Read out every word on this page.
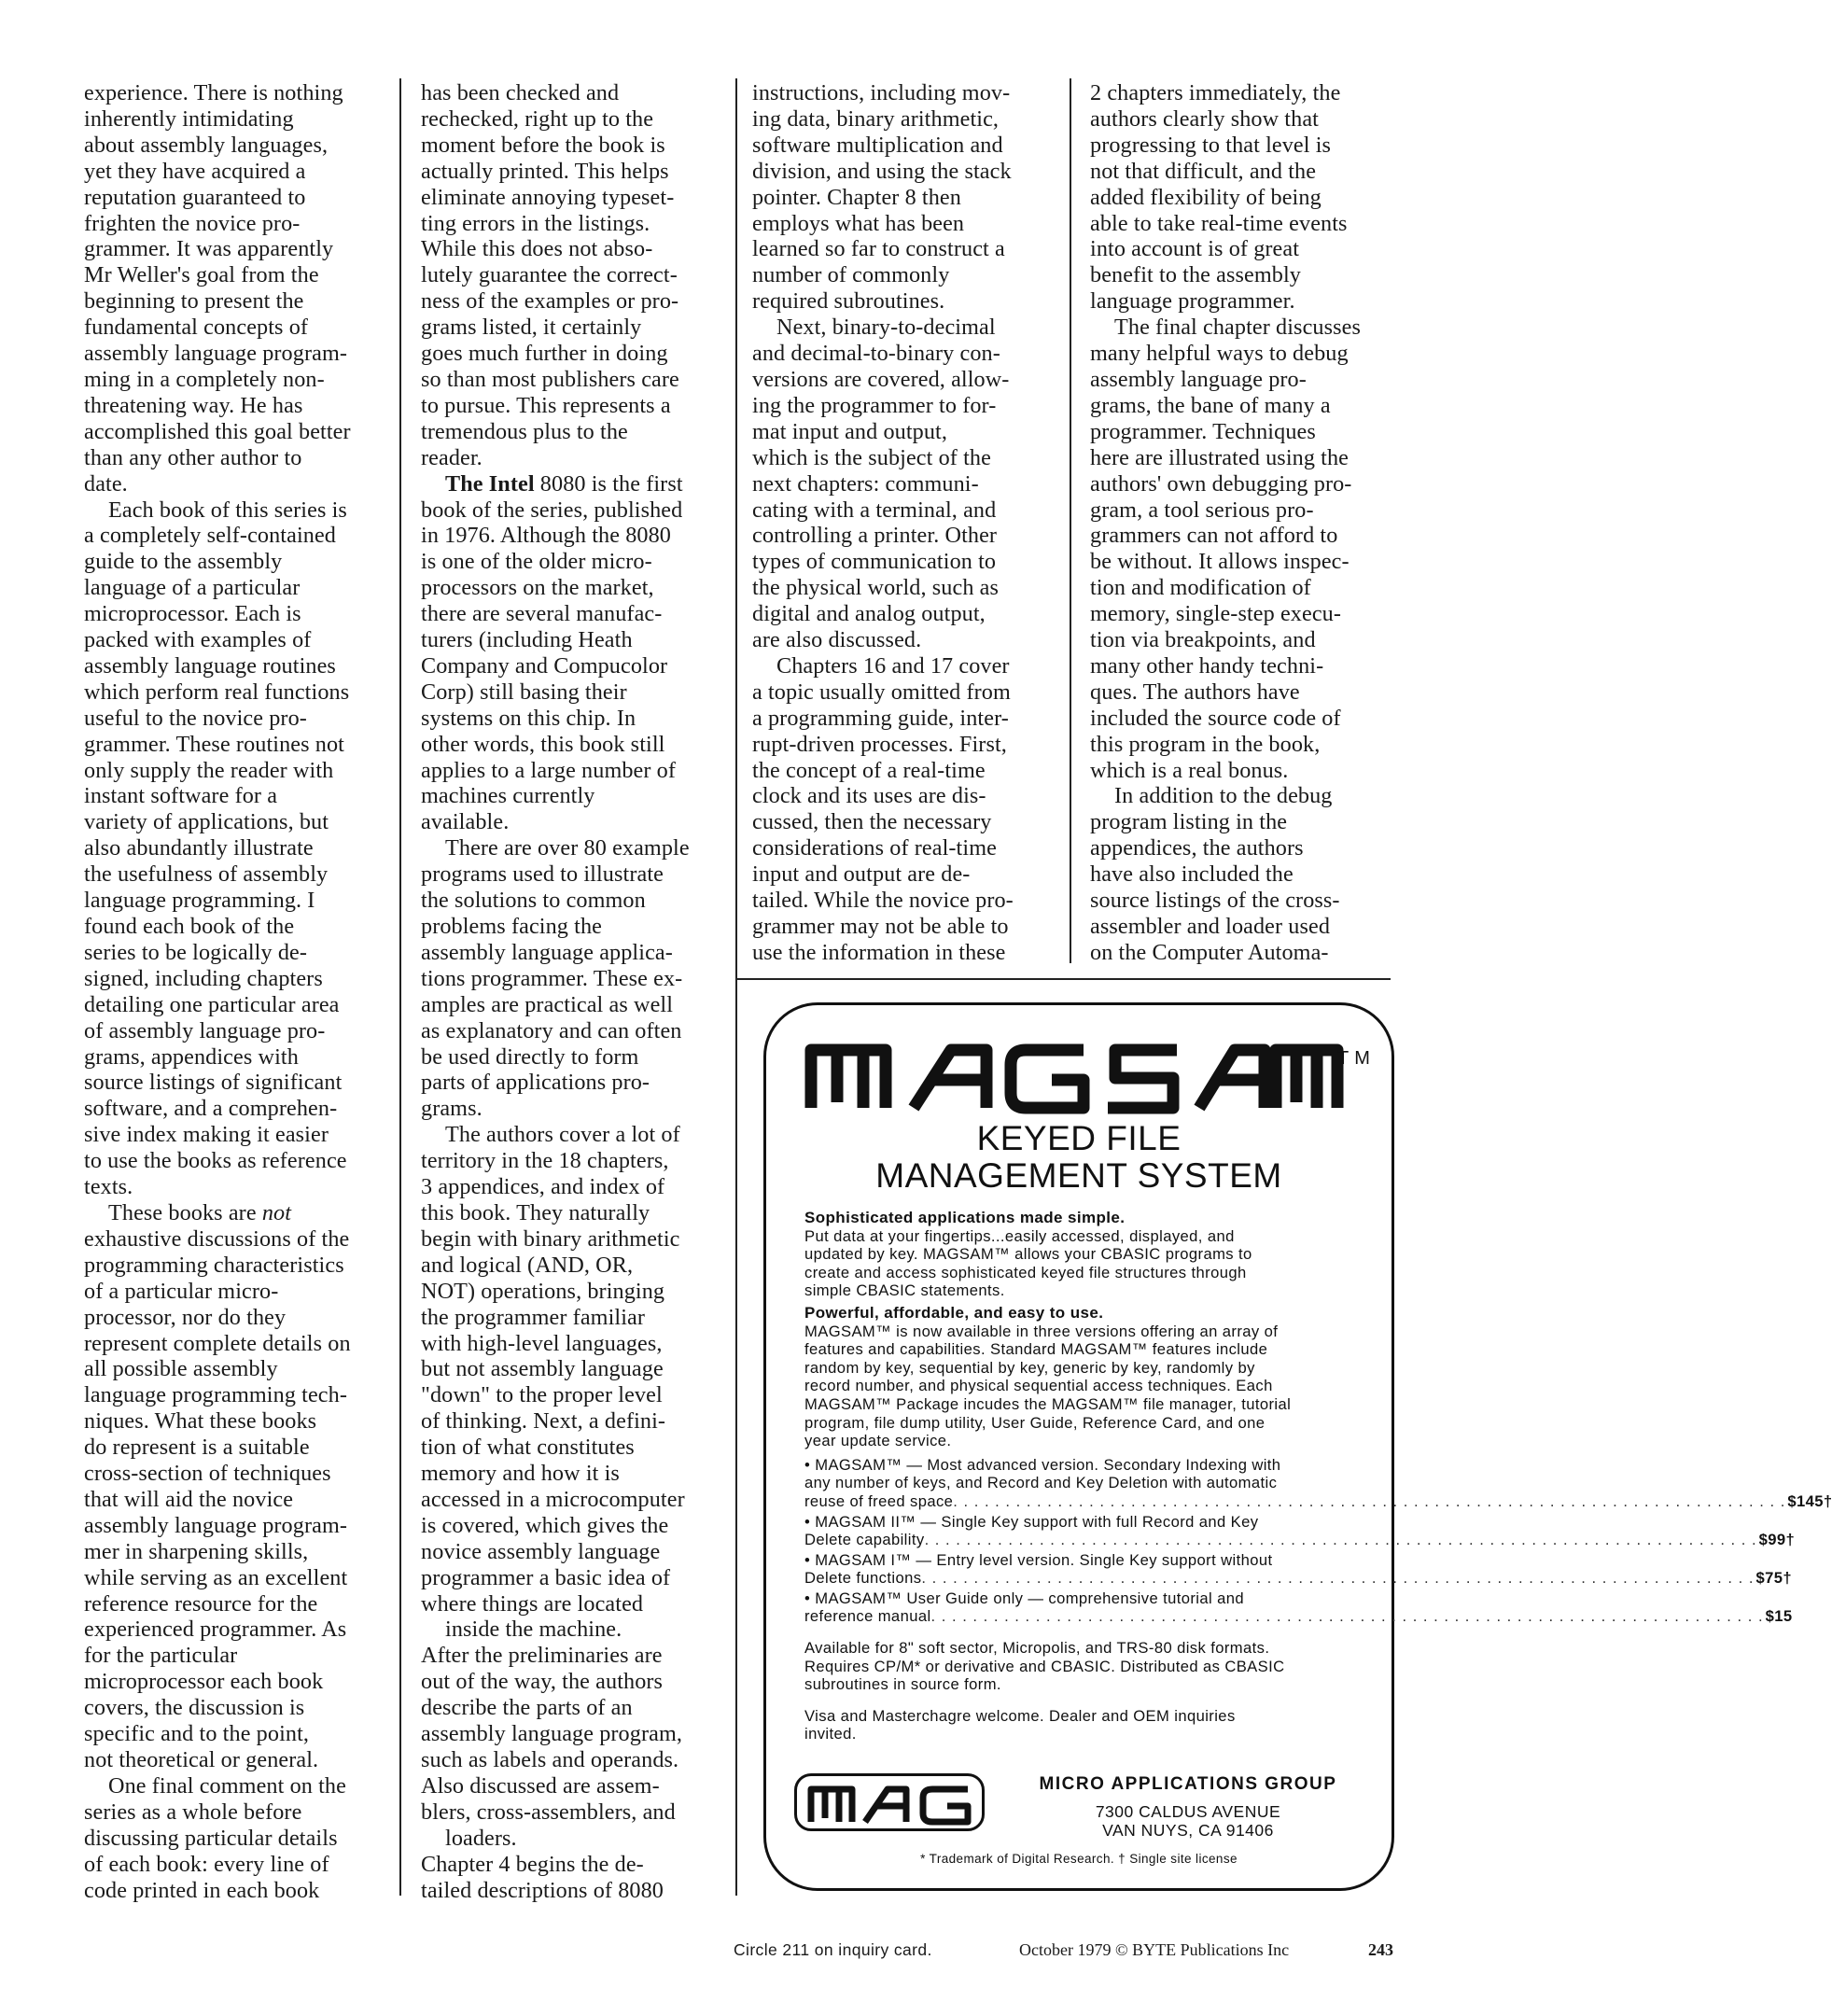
experience. There is nothing
inherently intimidating
about assembly languages,
yet they have acquired a
reputation guaranteed to
frighten the novice pro-
grammer. It was apparently
Mr Weller's goal from the
beginning to present the
fundamental concepts of
assembly language program-
ming in a completely non-
threatening way. He has
accomplished this goal better
than any other author to
date.
Each book of this series is
a completely self-contained
guide to the assembly
language of a particular
microprocessor. Each is
packed with examples of
assembly language routines
which perform real functions
useful to the novice pro-
grammer. These routines not
only supply the reader with
instant software for a
variety of applications, but
also abundantly illustrate
the usefulness of assembly
language programming. I
found each book of the
series to be logically de-
signed, including chapters
detailing one particular area
of assembly language pro-
grams, appendices with
source listings of significant
software, and a comprehen-
sive index making it easier
to use the books as reference
texts.
These books are not
exhaustive discussions of the
programming characteristics
of a particular micro-
processor, nor do they
represent complete details on
all possible assembly
language programming tech-
niques. What these books
do represent is a suitable
cross-section of techniques
that will aid the novice
assembly language program-
mer in sharpening skills,
while serving as an excellent
reference resource for the
experienced programmer. As
for the particular
microprocessor each book
covers, the discussion is
specific and to the point,
not theoretical or general.
One final comment on the
series as a whole before
discussing particular details
of each book: every line of
code printed in each book
has been checked and
rechecked, right up to the
moment before the book is
actually printed. This helps
eliminate annoying typeset-
ting errors in the listings.
While this does not abso-
lutely guarantee the correct-
ness of the examples or pro-
grams listed, it certainly
goes much further in doing
so than most publishers care
to pursue. This represents a
tremendous plus to the
reader.
The Intel 8080 is the first
book of the series, published
in 1976. Although the 8080
is one of the older micro-
processors on the market,
there are several manufac-
turers (including Heath
Company and Compucolor
Corp) still basing their
systems on this chip. In
other words, this book still
applies to a large number of
machines currently
available.
There are over 80 example
programs used to illustrate
the solutions to common
problems facing the
assembly language applica-
tions programmer. These ex-
amples are practical as well
as explanatory and can often
be used directly to form
parts of applications pro-
grams.
The authors cover a lot of
territory in the 18 chapters,
3 appendices, and index of
this book. They naturally
begin with binary arithmetic
and logical (AND, OR,
NOT) operations, bringing
the programmer familiar
with high-level languages,
but not assembly language
"down" to the proper level
of thinking. Next, a defini-
tion of what constitutes
memory and how it is
accessed in a microcomputer
is covered, which gives the
novice assembly language
programmer a basic idea of
where things are located
inside the machine.
After the preliminaries are
out of the way, the authors
describe the parts of an
assembly language program,
such as labels and operands.
Also discussed are assem-
blers, cross-assemblers, and
loaders.
Chapter 4 begins the de-
tailed descriptions of 8080
instructions, including mov-
ing data, binary arithmetic,
software multiplication and
division, and using the stack
pointer. Chapter 8 then
employs what has been
learned so far to construct a
number of commonly
required subroutines.
Next, binary-to-decimal
and decimal-to-binary con-
versions are covered, allow-
ing the programmer to for-
mat input and output,
which is the subject of the
next chapters: communi-
cating with a terminal, and
controlling a printer. Other
types of communication to
the physical world, such as
digital and analog output,
are also discussed.
Chapters 16 and 17 cover
a topic usually omitted from
a programming guide, inter-
rupt-driven processes. First,
the concept of a real-time
clock and its uses are dis-
cussed, then the necessary
considerations of real-time
input and output are de-
tailed. While the novice pro-
grammer may not be able to
use the information in these
2 chapters immediately, the
authors clearly show that
progressing to that level is
not that difficult, and the
added flexibility of being
able to take real-time events
into account is of great
benefit to the assembly
language programmer.
The final chapter discusses
many helpful ways to debug
assembly language pro-
grams, the bane of many a
programmer. Techniques
here are illustrated using the
authors' own debugging pro-
gram, a tool serious pro-
grammers can not afford to
be without. It allows inspec-
tion and modification of
memory, single-step execu-
tion via breakpoints, and
many other handy techni-
ques. The authors have
included the source code of
this program in the book,
which is a real bonus.
In addition to the debug
program listing in the
appendices, the authors
have also included the
source listings of the cross-
assembler and loader used
on the Computer Automa-
TM
KEYED FILE
MANAGEMENT SYSTEM
Sophisticated applications made simple.
Put data at your fingertips...easily accessed, displayed, and
updated by key. MAGSAM™ allows your CBASIC programs to
create and access sophisticated keyed file structures through
simple CBASIC statements.
Powerful, affordable, and easy to use.
MAGSAM™ is now available in three versions offering an array of
features and capabilities. Standard MAGSAM™ features include
random by key, sequential by key, generic by key, randomly by
record number, and physical sequential access techniques. Each
MAGSAM™ Package incudes the MAGSAM™ file manager, tutorial
program, file dump utility, User Guide, Reference Card, and one
year update service.
• MAGSAM™ — Most advanced version. Secondary Indexing with
any number of keys, and Record and Key Deletion with automatic
reuse of freed space . . . . . . . . . . . . . . . . . . . . . . . . . . . . . . . . . . . . . . . . . . . . . . . . . . . . . . . . . . . . . . . . . . . . . . . . . . . . . . . . $145†
• MAGSAM II™ — Single Key support with full Record and Key
Delete capability . . . . . . . . . . . . . . . . . . . . . . . . . . . . . . . . . . . . . . . . . . . . . . . . . . . . . . . . . . . . . . . . . . . . . . . . . . . . . . . . $99†
• MAGSAM I™ — Entry level version. Single Key support without
Delete functions . . . . . . . . . . . . . . . . . . . . . . . . . . . . . . . . . . . . . . . . . . . . . . . . . . . . . . . . . . . . . . . . . . . . . . . . . . . . . . . . $75†
• MAGSAM™ User Guide only — comprehensive tutorial and
reference manual . . . . . . . . . . . . . . . . . . . . . . . . . . . . . . . . . . . . . . . . . . . . . . . . . . . . . . . . . . . . . . . . . . . . . . . . . . . . . . . . $15
Available for 8" soft sector, Micropolis, and TRS-80 disk formats.
Requires CP/M* or derivative and CBASIC. Distributed as CBASIC
subroutines in source form.
Visa and Masterchagre welcome. Dealer and OEM inquiries
invited.
MICRO APPLICATIONS GROUP
7300 CALDUS AVENUE
VAN NUYS, CA 91406
* Trademark of Digital Research. † Single site license
Circle 211 on inquiry card.	October 1979 © BYTE Publications Inc	243
